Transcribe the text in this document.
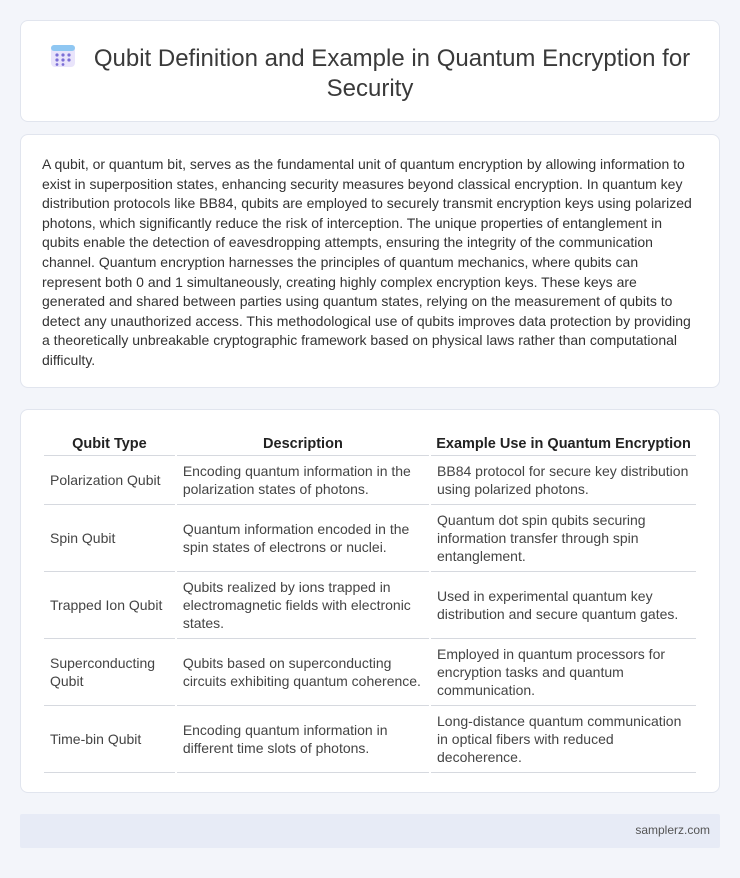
Qubit Definition and Example in Quantum Encryption for Security

A qubit, or quantum bit, serves as the fundamental unit of quantum encryption by allowing information to exist in superposition states, enhancing security measures beyond classical encryption. In quantum key distribution protocols like BB84, qubits are employed to securely transmit encryption keys using polarized photons, which significantly reduce the risk of interception. The unique properties of entanglement in qubits enable the detection of eavesdropping attempts, ensuring the integrity of the communication channel. Quantum encryption harnesses the principles of quantum mechanics, where qubits can represent both 0 and 1 simultaneously, creating highly complex encryption keys. These keys are generated and shared between parties using quantum states, relying on the measurement of qubits to detect any unauthorized access. This methodological use of qubits improves data protection by providing a theoretically unbreakable cryptographic framework based on physical laws rather than computational difficulty.

Qubit Type	Description	Example Use in Quantum Encryption
Polarization Qubit	Encoding quantum information in the polarization states of photons.	BB84 protocol for secure key distribution using polarized photons.
Spin Qubit	Quantum information encoded in the spin states of electrons or nuclei.	Quantum dot spin qubits securing information transfer through spin entanglement.
Trapped Ion Qubit	Qubits realized by ions trapped in electromagnetic fields with electronic states.	Used in experimental quantum key distribution and secure quantum gates.
Superconducting Qubit	Qubits based on superconducting circuits exhibiting quantum coherence.	Employed in quantum processors for encryption tasks and quantum communication.
Time-bin Qubit	Encoding quantum information in different time slots of photons.	Long-distance quantum communication in optical fibers with reduced decoherence.
samplerz.com
